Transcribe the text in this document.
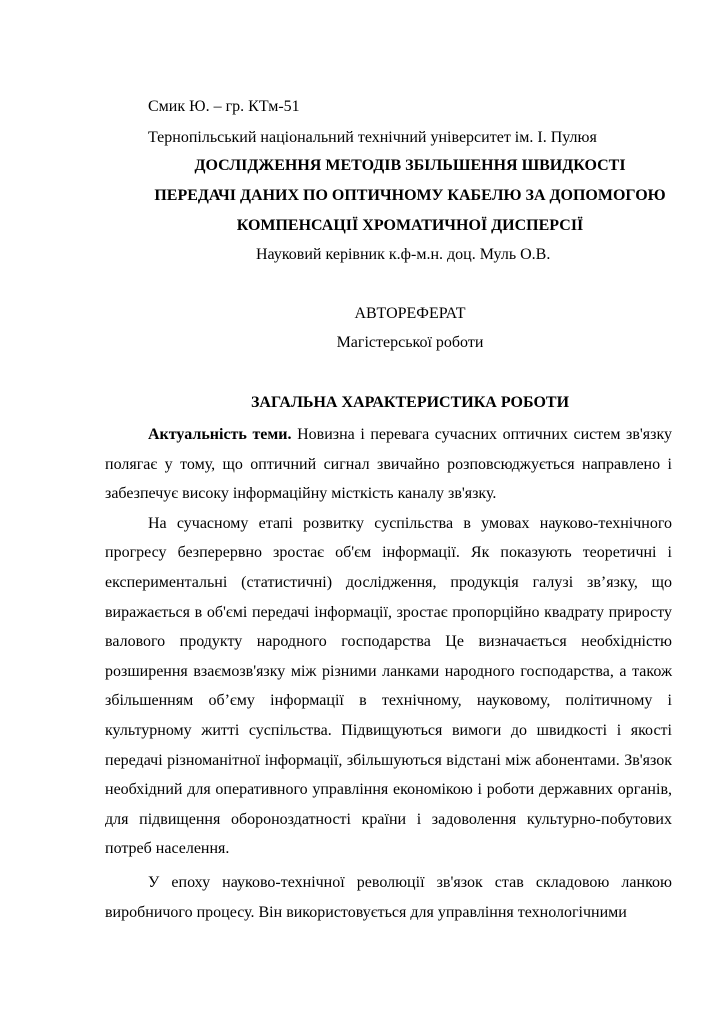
Смик Ю. – гр. КТм-51
Тернопільський національний технічний університет ім. І. Пулюя
ДОСЛІДЖЕННЯ МЕТОДІВ ЗБІЛЬШЕННЯ ШВИДКОСТІ
ПЕРЕДАЧІ ДАНИХ ПО ОПТИЧНОМУ КАБЕЛЮ ЗА ДОПОМОГОЮ
КОМПЕНСАЦІЇ ХРОМАТИЧНОЇ ДИСПЕРСІЇ
Науковий керівник к.ф-м.н. доц. Муль О.В.
АВТОРЕФЕРАТ
Магістерської роботи
ЗАГАЛЬНА ХАРАКТЕРИСТИКА РОБОТИ

Актуальність теми. Новизна і перевага сучасних оптичних систем зв'язку полягає у тому, що оптичний сигнал звичайно розповсюджується направлено і забезпечує високу інформаційну місткість каналу зв'язку.

На сучасному етапі розвитку суспільства в умовах науково-технічного прогресу безперервно зростає об'єм інформації. Як показують теоретичні і експериментальні (статистичні) дослідження, продукція галузі зв’язку, що виражається в об'ємі передачі інформації, зростає пропорційно квадрату приросту валового продукту народного господарства Це визначається необхідністю розширення взаємозв'язку між різними ланками народного господарства, а також збільшенням об’єму інформації в технічному, науковому, політичному і культурному житті суспільства. Підвищуються вимоги до швидкості і якості передачі різноманітної інформації, збільшуються відстані між абонентами. Зв'язок необхідний для оперативного управління економікою і роботи державних органів, для підвищення обороноздатності країни і задоволення культурно-побутових потреб населення.

У епоху науково-технічної революції зв'язок став складовою ланкою виробничого процесу. Він використовується для управління технологічними
